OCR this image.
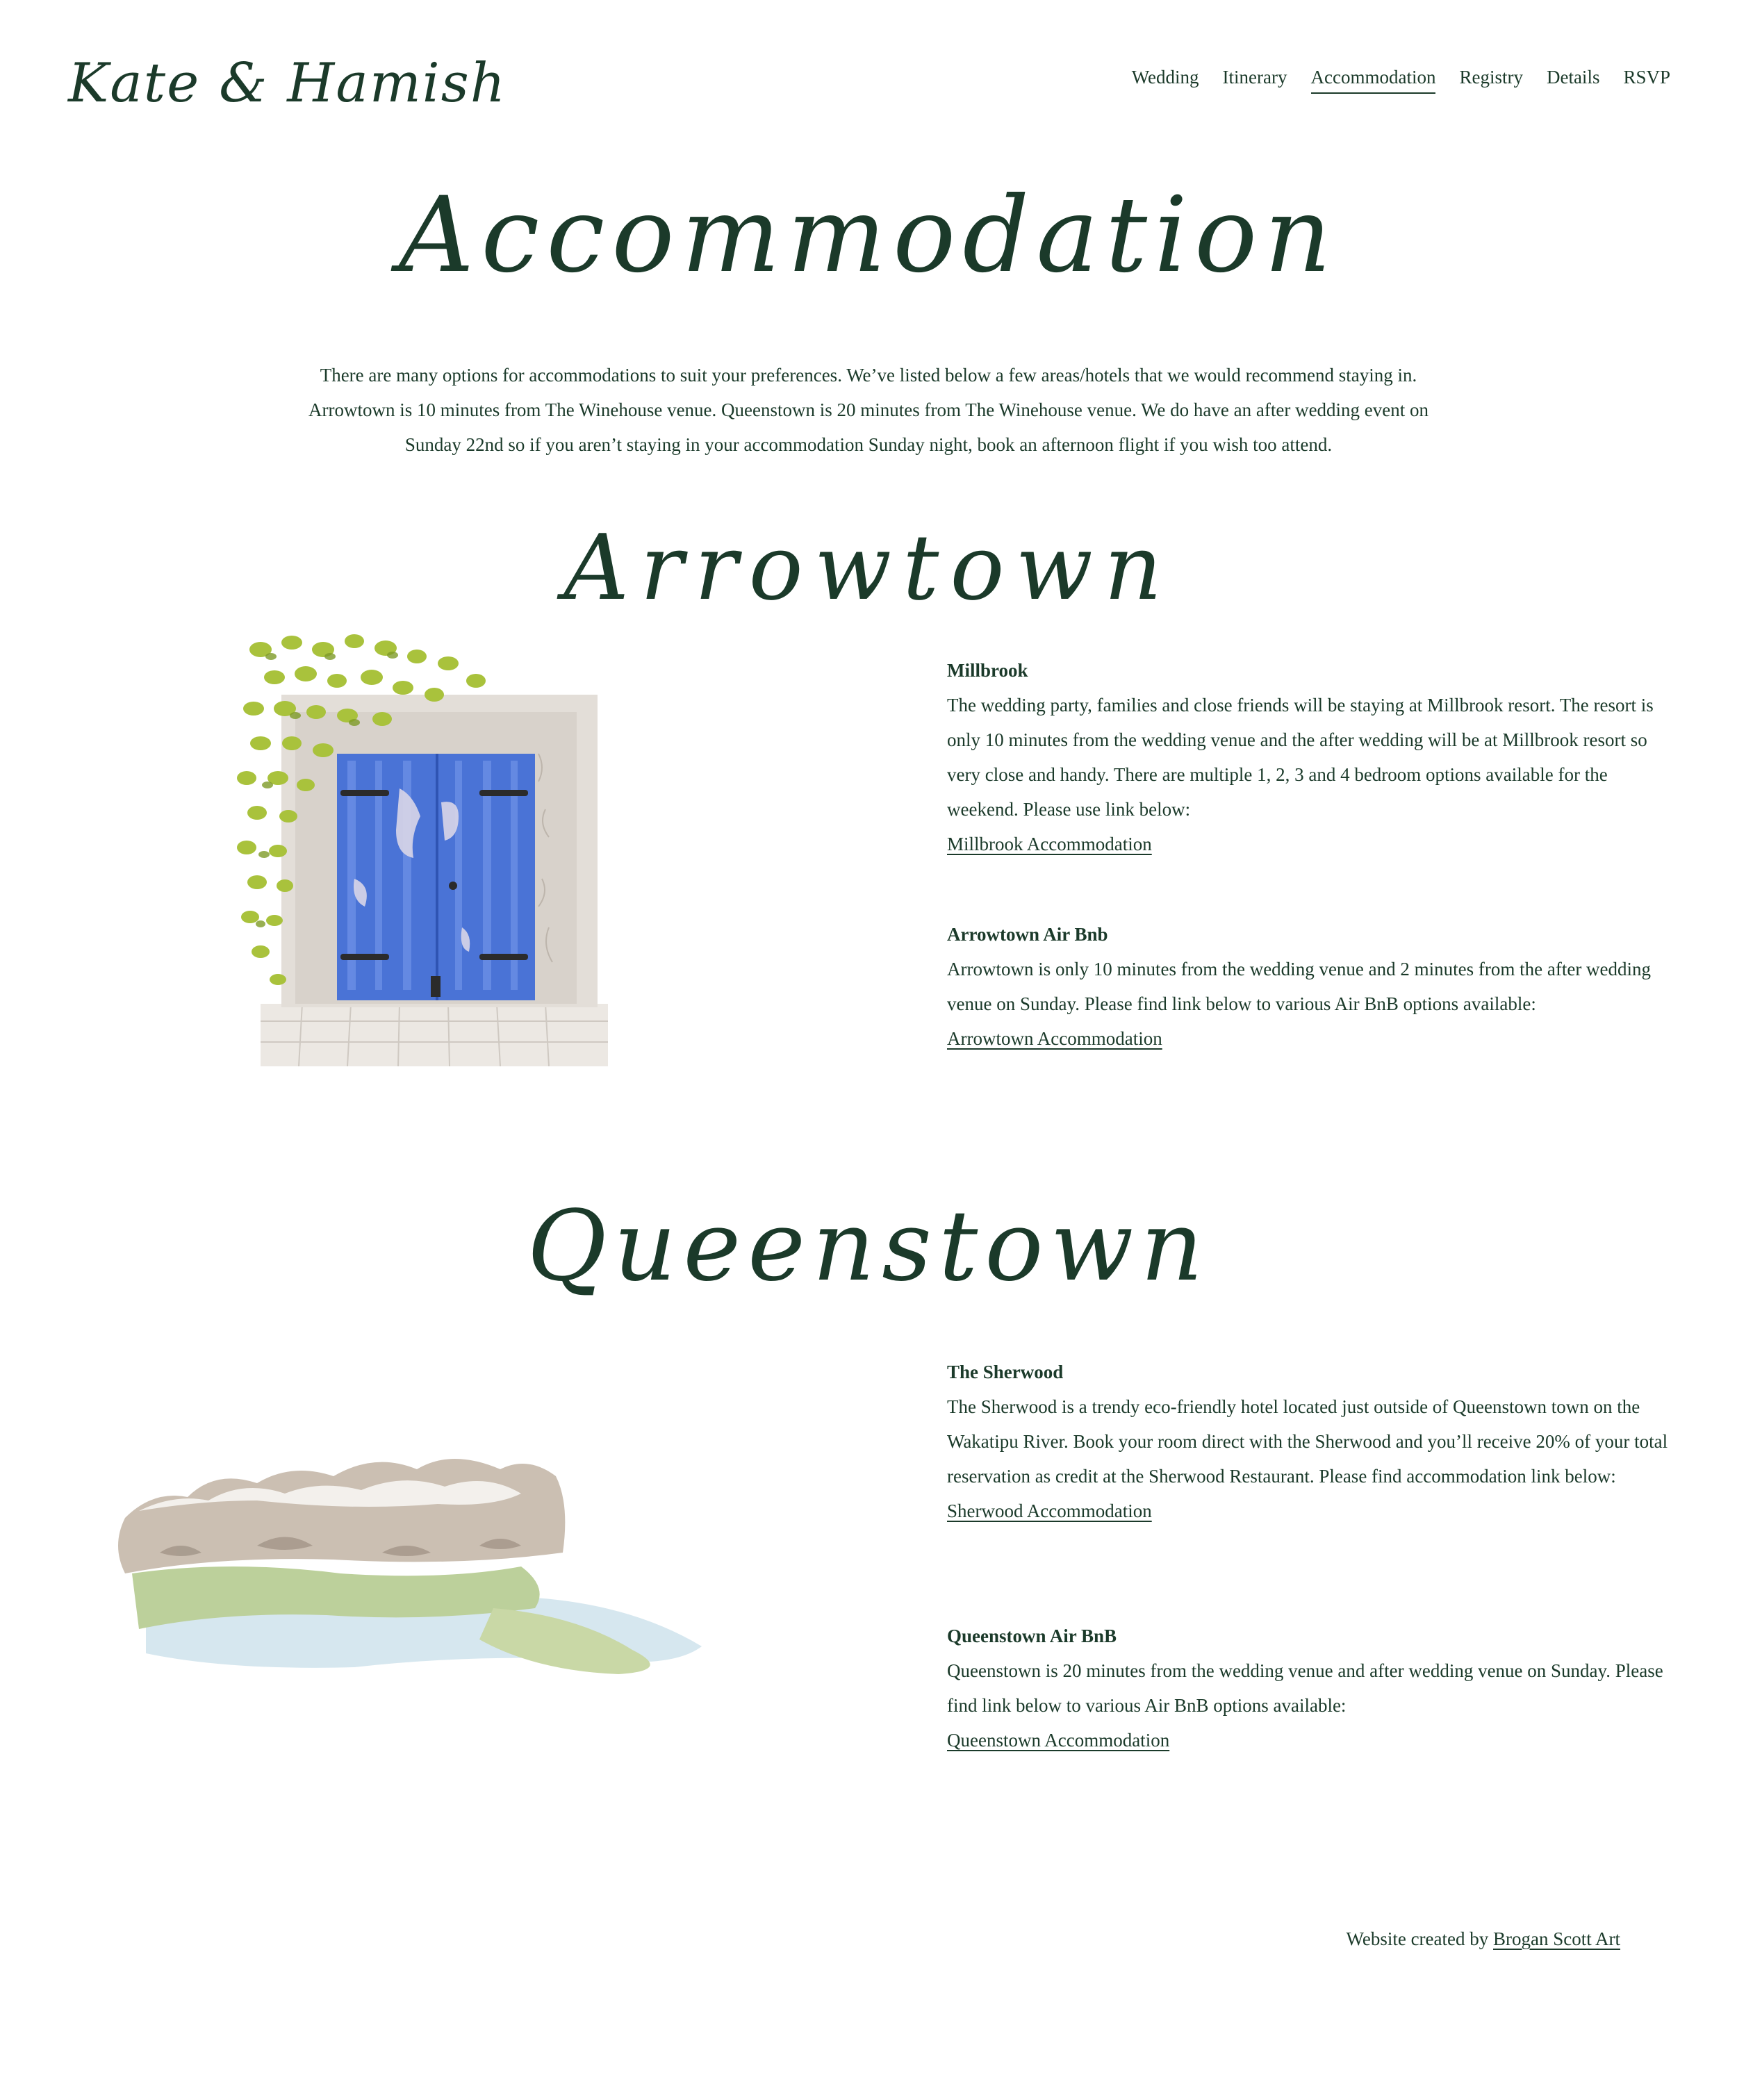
Kate & Hamish	Wedding Itinerary Accommodation Registry Details RSVP
Accommodation

There are many options for accommodations to suit your preferences. We’ve listed below a few areas/hotels that we would recommend staying in.

Arrowtown is 10 minutes from The Winehouse venue. Queenstown is 20 minutes from The Winehouse venue. We do have an after wedding event on

Sunday 22nd so if you aren’t staying in your accommodation Sunday night, book an afternoon flight if you wish too attend.

Arrowtown
Millbrook

The wedding party, families and close friends will be staying at Millbrook resort. The resort is only 10 minutes from the wedding venue and the after wedding will be at Millbrook resort so very close and handy. There are multiple 1, 2, 3 and 4 bedroom options available for the weekend. Please use link below:

Millbrook Accommodation
Arrowtown Air Bnb

Arrowtown is only 10 minutes from the wedding venue and 2 minutes from the after wedding venue on Sunday. Please find link below to various Air BnB options available:

Arrowtown Accommodation
Queenstown
The Sherwood

The Sherwood is a trendy eco-friendly hotel located just outside of Queenstown town on the Wakatipu River. Book your room direct with the Sherwood and you’ll receive 20% of your total reservation as credit at the Sherwood Restaurant. Please find accommodation link below:

Sherwood Accommodation
Queenstown Air BnB

Queenstown is 20 minutes from the wedding venue and after wedding venue on Sunday. Please find link below to various Air BnB options available:

Queenstown Accommodation
Website created by Brogan Scott Art
